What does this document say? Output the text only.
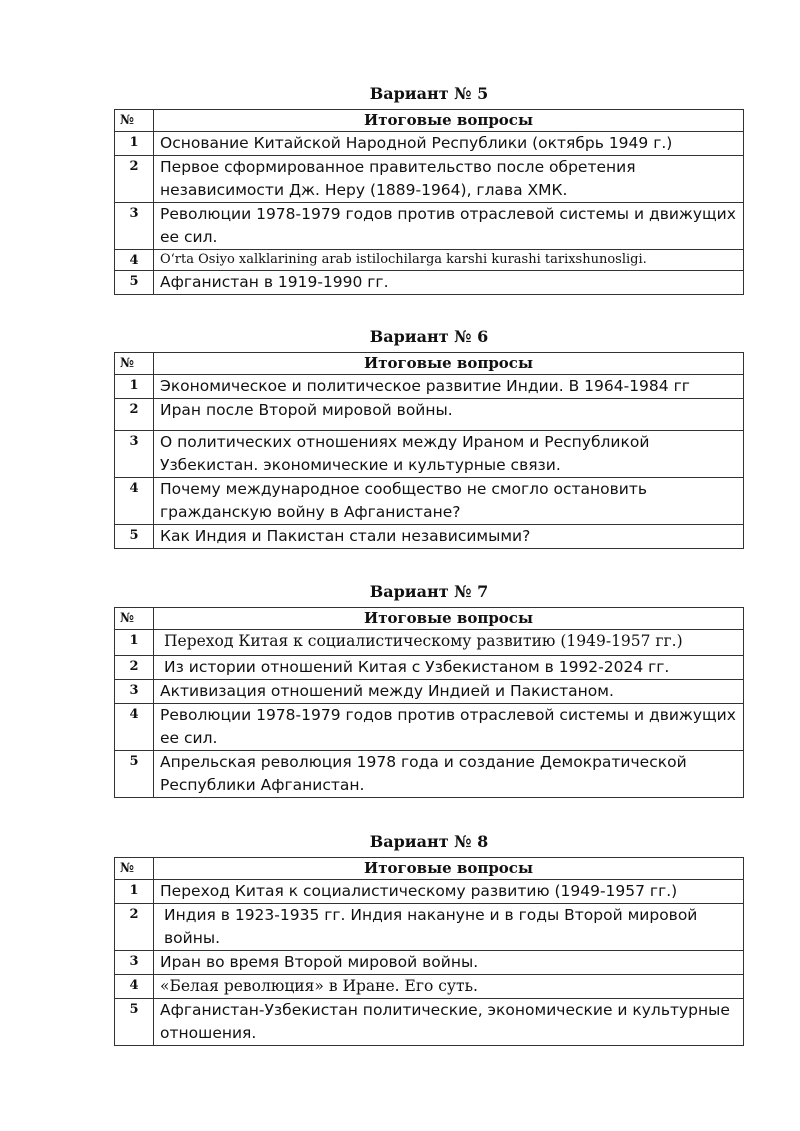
Вариант № 5
№	Итоговые вопросы
1	Основание Китайской Народной Республики (октябрь 1949 г.)
2	Первое сформированное правительство после обретения независимости Дж. Неру (1889-1964), глава ХМК.
3	Революции 1978-1979 годов против отраслевой системы и движущих ее сил.
4	O‘rta Osiyo xalklarining arab istilochilarga karshi kurashi tarixshunosligi.
5	Афганистан в 1919-1990 гг.
Вариант № 6
№	Итоговые вопросы
1	Экономическое и политическое развитие Индии. В 1964-1984 гг
2	Иран после Второй мировой войны.
3	О политических отношениях между Ираном и Республикой Узбекистан. экономические и культурные связи.
4	Почему международное сообщество не смогло остановить гражданскую войну в Афганистане?
5	Как Индия и Пакистан стали независимыми?
Вариант № 7
№	Итоговые вопросы
1	Переход Китая к социалистическому развитию (1949-1957 гг.)
2	Из истории отношений Китая с Узбекистаном в 1992-2024 гг.
3	Активизация отношений между Индией и Пакистаном.
4	Революции 1978-1979 годов против отраслевой системы и движущих ее сил.
5	Апрельская революция 1978 года и создание Демократической Республики Афганистан.
Вариант № 8
№	Итоговые вопросы
1	Переход Китая к социалистическому развитию (1949-1957 гг.)
2	Индия в 1923-1935 гг. Индия накануне и в годы Второй мировой войны.
3	Иран во время Второй мировой войны.
4	«Белая революция» в Иране. Его суть.
5	Афганистан-Узбекистан политические, экономические и культурные отношения.
